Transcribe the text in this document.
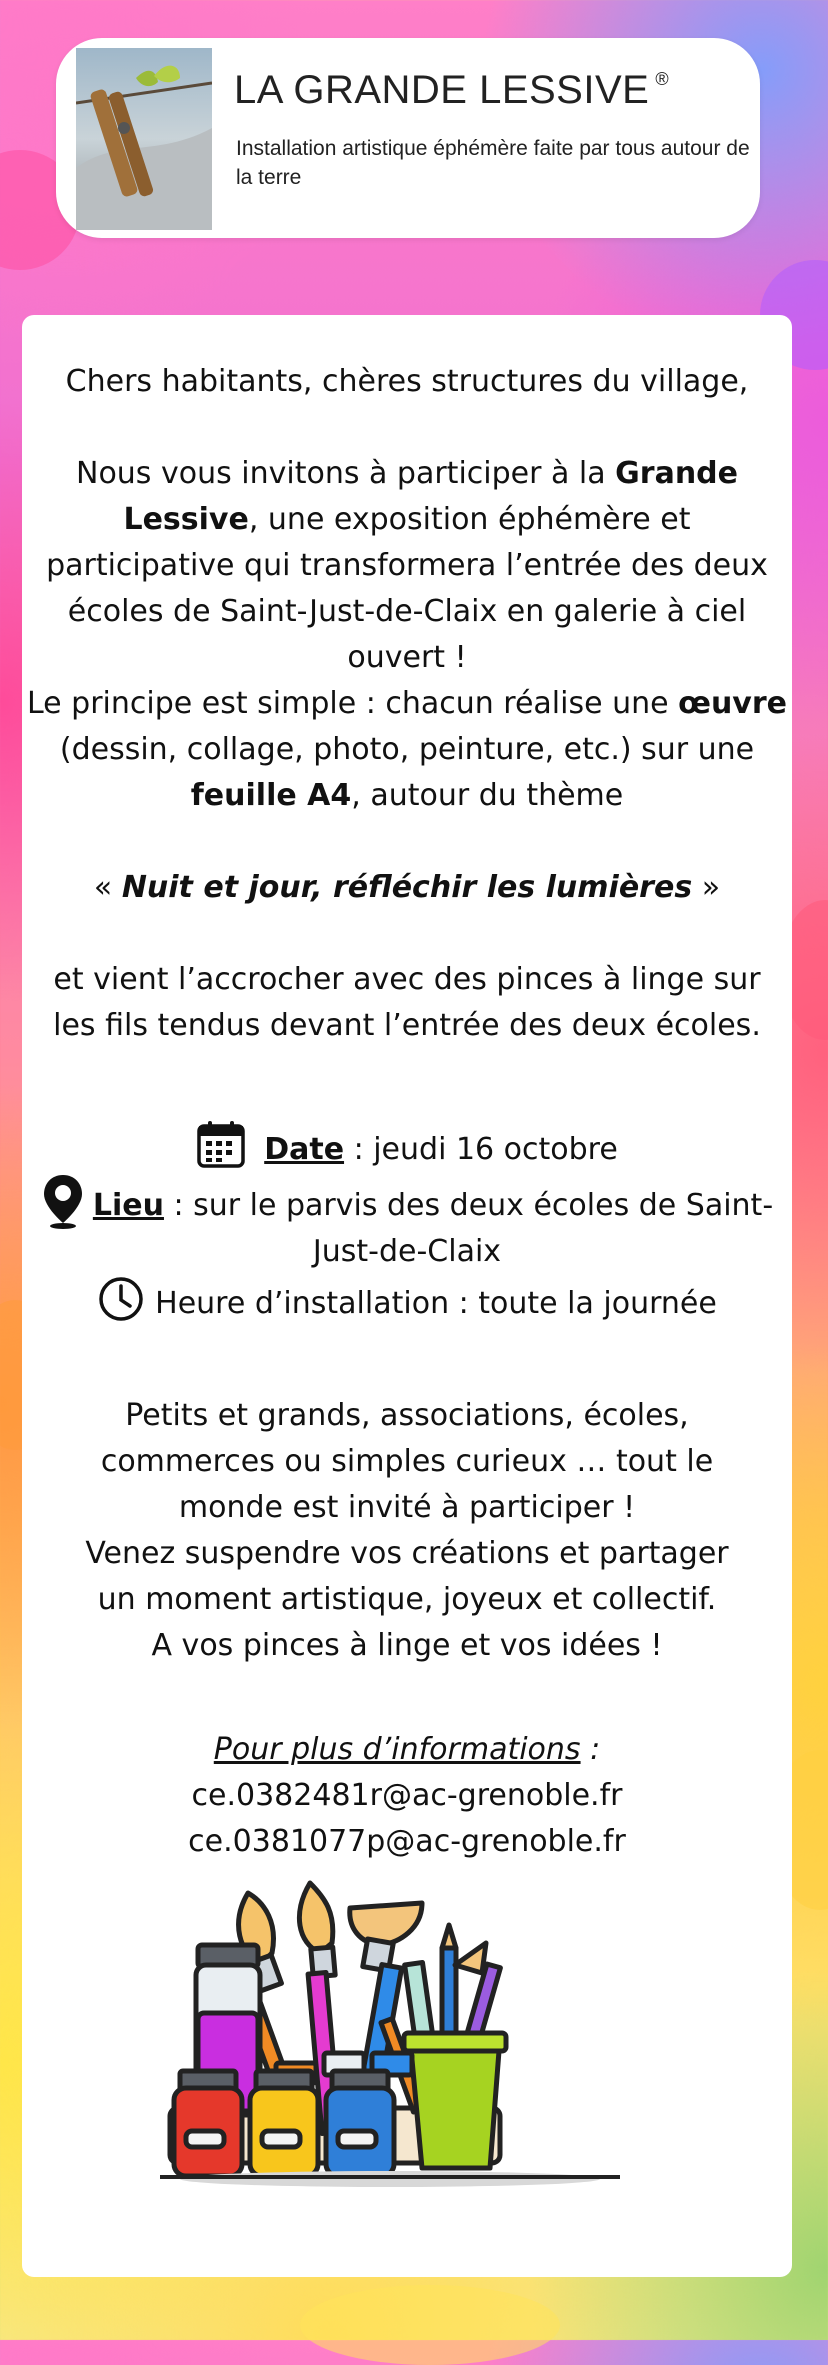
LA GRANDE LESSIVE ®
Installation artistique éphémère faite par tous autour de la terre

Chers habitants, chères structures du village,

Nous vous invitons à participer à la Grande Lessive, une exposition éphémère et participative qui transformera l’entrée des deux écoles de Saint-Just-de-Claix en galerie à ciel ouvert !
Le principe est simple : chacun réalise une œuvre (dessin, collage, photo, peinture, etc.) sur une feuille A4, autour du thème

« Nuit et jour, réfléchir les lumières »

et vient l’accrocher avec des pinces à linge sur les fils tendus devant l’entrée des deux écoles.

Date : jeudi 16 octobre

Lieu : sur le parvis des deux écoles de Saint-Just-de-Claix

Heure d’installation : toute la journée

Petits et grands, associations, écoles, commerces ou simples curieux … tout le monde est invité à participer !

Venez suspendre vos créations et partager un moment artistique, joyeux et collectif.

A vos pinces à linge et vos idées !

Pour plus d’informations :

ce.0382481r@ac-grenoble.fr

ce.0381077p@ac-grenoble.fr
